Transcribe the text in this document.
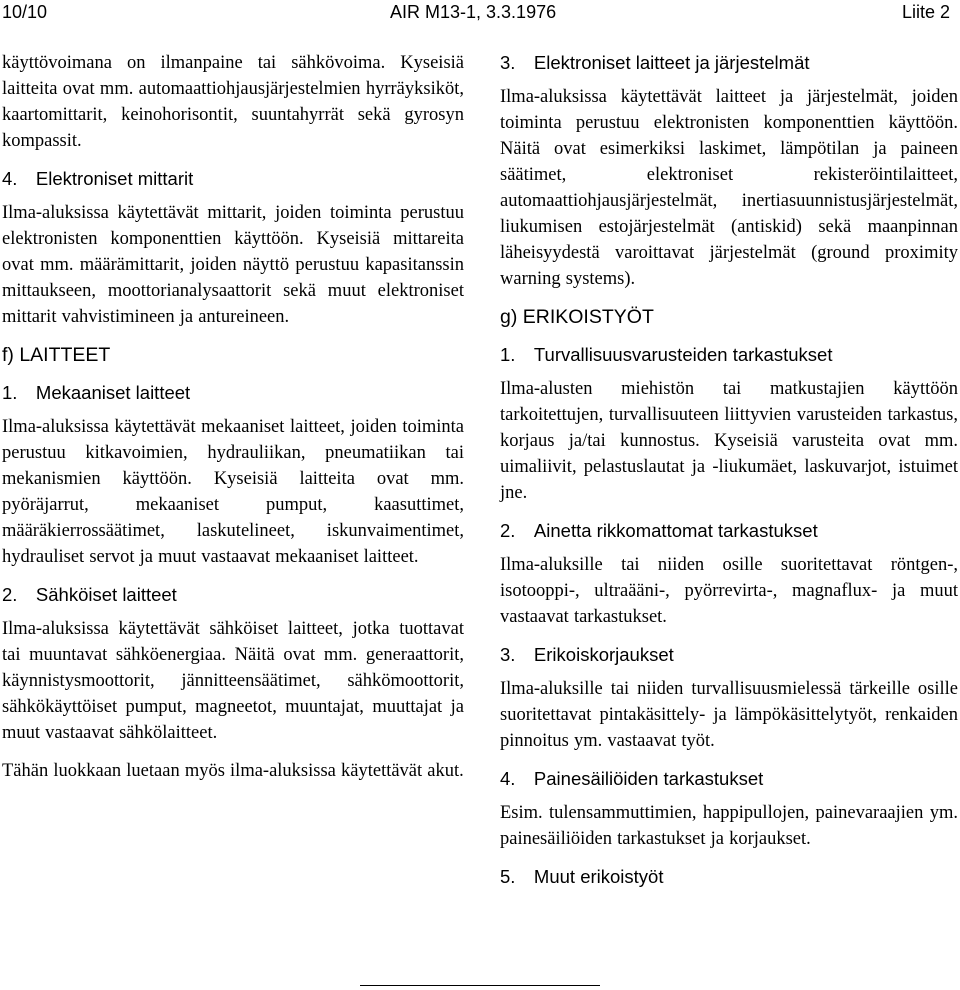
10/10	AIR M13-1, 3.3.1976	Liite 2

käyttövoimana on ilmanpaine tai sähkövoima. Kyseisiä laitteita ovat mm. automaattiohjausjärjestelmien hyrräyksiköt, kaartomittarit, keinohorisontit, suuntahyrrät sekä gyrosyn kompassit.

4. Elektroniset mittarit

Ilma-aluksissa käytettävät mittarit, joiden toiminta perustuu elektronisten komponenttien käyttöön. Kyseisiä mittareita ovat mm. määrämittarit, joiden näyttö perustuu kapasitanssin mittaukseen, moottorianalysaattorit sekä muut elektroniset mittarit vahvistimineen ja antureineen.

f) LAITTEET
1. Mekaaniset laitteet

Ilma-aluksissa käytettävät mekaaniset laitteet, joiden toiminta perustuu kitkavoimien, hydrauliikan, pneumatiikan tai mekanismien käyttöön. Kyseisiä laitteita ovat mm. pyöräjarrut, mekaaniset pumput, kaasuttimet, määräkierrossäätimet, laskutelineet, iskunvaimentimet, hydrauliset servot ja muut vastaavat mekaaniset laitteet.

2. Sähköiset laitteet

Ilma-aluksissa käytettävät sähköiset laitteet, jotka tuottavat tai muuntavat sähköenergiaa. Näitä ovat mm. generaattorit, käynnistysmoottorit, jännitteensäätimet, sähkömoottorit, sähkökäyttöiset pumput, magneetot, muuntajat, muuttajat ja muut vastaavat sähkölaitteet.

Tähän luokkaan luetaan myös ilma-aluksissa käytettävät akut.

3. Elektroniset laitteet ja järjestelmät

Ilma-aluksissa käytettävät laitteet ja järjestelmät, joiden toiminta perustuu elektronisten komponenttien käyttöön. Näitä ovat esimerkiksi laskimet, lämpötilan ja paineen säätimet, elektroniset rekisteröintilaitteet, automaattiohjausjärjestelmät, inertiasuunnistusjärjestelmät, liukumisen estojärjestelmät (antiskid) sekä maanpinnan läheisyydestä varoittavat järjestelmät (ground proximity warning systems).

g) ERIKOISTYÖT
1. Turvallisuusvarusteiden tarkastukset

Ilma-alusten miehistön tai matkustajien käyttöön tarkoitettujen, turvallisuuteen liittyvien varusteiden tarkastus, korjaus ja/tai kunnostus. Kyseisiä varusteita ovat mm. uimaliivit, pelastuslautat ja -liukumäet, laskuvarjot, istuimet jne.

2. Ainetta rikkomattomat tarkastukset

Ilma-aluksille tai niiden osille suoritettavat röntgen-, isotooppi-, ultraääni-, pyörrevirta-, magnaflux- ja muut vastaavat tarkastukset.

3. Erikoiskorjaukset

Ilma-aluksille tai niiden turvallisuusmielessä tärkeille osille suoritettavat pintakäsittely- ja lämpökäsittelytyöt, renkaiden pinnoitus ym. vastaavat työt.

4. Painesäiliöiden tarkastukset

Esim. tulensammuttimien, happipullojen, painevaraajien ym. painesäiliöiden tarkastukset ja korjaukset.

5. Muut erikoistyöt
